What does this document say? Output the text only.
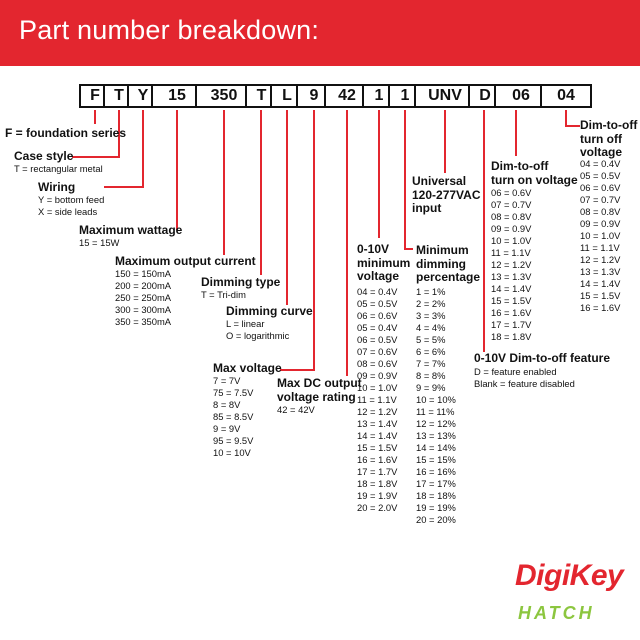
Part number breakdown:
F T Y	15	350	T L	9	42	1	1	UNV	D	06	04
F = foundation series
Case style
T = rectangular metal
Wiring
Y = bottom feed
X = side leads
Maximum wattage
15 = 15W
Maximum output current
150 = 150mA
200 = 200mA
250 = 250mA
300 = 300mA
350 = 350mA
Dimming type
T = Tri-dim
Dimming curve
L = linear
O = logarithmic
Max voltage
7 = 7V
75 = 7.5V
8 = 8V
85 = 8.5V
9 = 9V
95 = 9.5V
10 = 10V
Max DC output
voltage rating
42 = 42V
0-10V
minimum
voltage
04 = 0.4V
05 = 0.5V
06 = 0.6V
05 = 0.4V
06 = 0.5V
07 = 0.6V
08 = 0.6V
09 = 0.9V
10 = 1.0V
11 = 1.1V
12 = 1.2V
13 = 1.4V
14 = 1.4V
15 = 1.5V
16 = 1.6V
17 = 1.7V
18 = 1.8V
19 = 1.9V
20 = 2.0V
Minimum
dimming
percentage
1 = 1%
2 = 2%
3 = 3%
4 = 4%
5 = 5%
6 = 6%
7 = 7%
8 = 8%
9 = 9%
10 = 10%
11 = 11%
12 = 12%
13 = 13%
14 = 14%
15 = 15%
16 = 16%
17 = 17%
18 = 18%
19 = 19%
20 = 20%
Universal
120-277VAC
input
0-10V Dim-to-off feature
D = feature enabled
Blank = feature disabled
Dim-to-off
turn on voltage
06 = 0.6V
07 = 0.7V
08 = 0.8V
09 = 0.9V
10 = 1.0V
11 = 1.1V
12 = 1.2V
13 = 1.3V
14 = 1.4V
15 = 1.5V
16 = 1.6V
17 = 1.7V
18 = 1.8V
Dim-to-off
turn off
voltage
04 = 0.4V
05 = 0.5V
06 = 0.6V
07 = 0.7V
08 = 0.8V
09 = 0.9V
10 = 1.0V
11 = 1.1V
12 = 1.2V
13 = 1.3V
14 = 1.4V
15 = 1.5V
16 = 1.6V
DigiKey
HATCH
